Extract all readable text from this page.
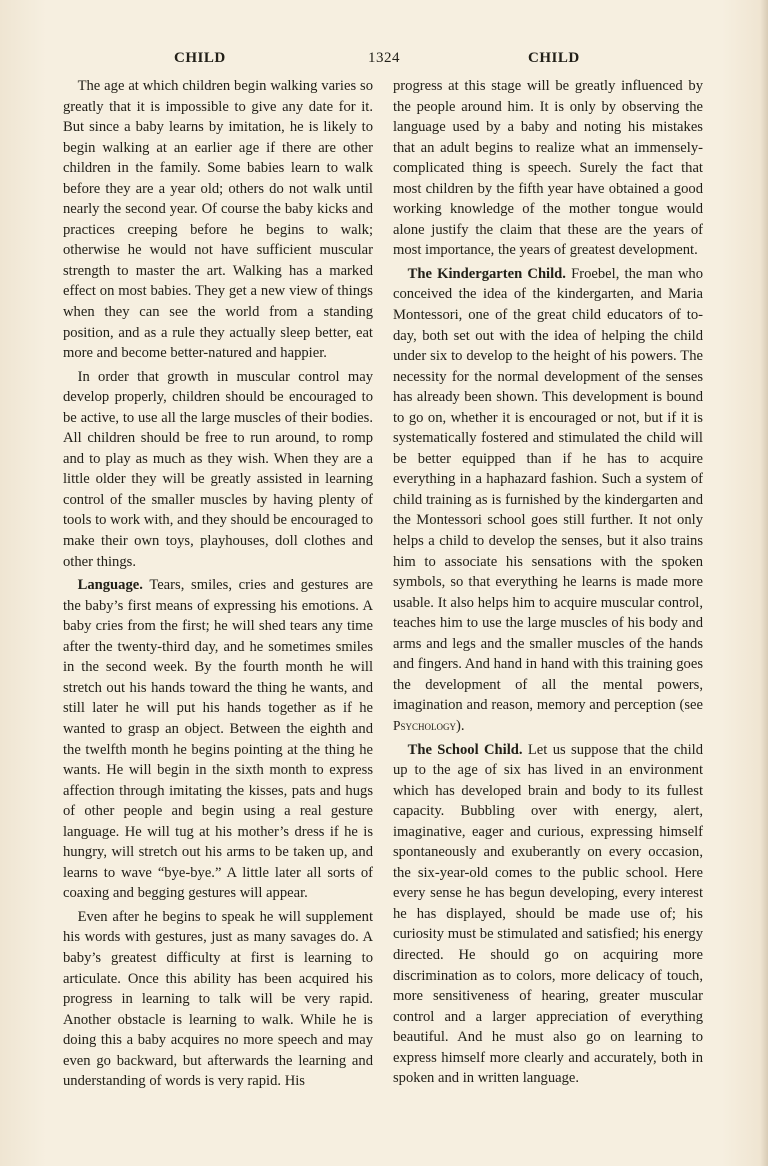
CHILD	1324	CHILD

The age at which children begin walking varies so greatly that it is impossible to give any date for it. But since a baby learns by imitation, he is likely to begin walking at an earlier age if there are other children in the family. Some babies learn to walk before they are a year old; others do not walk until nearly the second year. Of course the baby kicks and practices creeping before he begins to walk; otherwise he would not have sufficient muscular strength to master the art. Walking has a marked effect on most babies. They get a new view of things when they can see the world from a standing position, and as a rule they actually sleep better, eat more and become better-natured and happier.

In order that growth in muscular control may develop properly, children should be encouraged to be active, to use all the large muscles of their bodies. All children should be free to run around, to romp and to play as much as they wish. When they are a little older they will be greatly assisted in learning control of the smaller muscles by having plenty of tools to work with, and they should be encouraged to make their own toys, playhouses, doll clothes and other things.

Language. Tears, smiles, cries and gestures are the baby’s first means of expressing his emotions. A baby cries from the first; he will shed tears any time after the twenty-third day, and he sometimes smiles in the second week. By the fourth month he will stretch out his hands toward the thing he wants, and still later he will put his hands together as if he wanted to grasp an object. Between the eighth and the twelfth month he begins pointing at the thing he wants. He will begin in the sixth month to express affection through imitating the kisses, pats and hugs of other people and begin using a real gesture language. He will tug at his mother’s dress if he is hungry, will stretch out his arms to be taken up, and learns to wave “bye-bye.” A little later all sorts of coaxing and begging gestures will appear.

Even after he begins to speak he will supplement his words with gestures, just as many savages do. A baby’s greatest difficulty at first is learning to articulate. Once this ability has been acquired his progress in learning to talk will be very rapid. Another obstacle is learning to walk. While he is doing this a baby acquires no more speech and may even go backward, but afterwards the learning and understanding of words is very rapid. His

progress at this stage will be greatly influenced by the people around him. It is only by observing the language used by a baby and noting his mistakes that an adult begins to realize what an immensely-complicated thing is speech. Surely the fact that most children by the fifth year have obtained a good working knowledge of the mother tongue would alone justify the claim that these are the years of most importance, the years of greatest development.

The Kindergarten Child. Froebel, the man who conceived the idea of the kindergarten, and Maria Montessori, one of the great child educators of to-day, both set out with the idea of helping the child under six to develop to the height of his powers. The necessity for the normal development of the senses has already been shown. This development is bound to go on, whether it is encouraged or not, but if it is systematically fostered and stimulated the child will be better equipped than if he has to acquire everything in a haphazard fashion. Such a system of child training as is furnished by the kindergarten and the Montessori school goes still further. It not only helps a child to develop the senses, but it also trains him to associate his sensations with the spoken symbols, so that everything he learns is made more usable. It also helps him to acquire muscular control, teaches him to use the large muscles of his body and arms and legs and the smaller muscles of the hands and fingers. And hand in hand with this training goes the development of all the mental powers, imagination and reason, memory and perception (see Psychology).

The School Child. Let us suppose that the child up to the age of six has lived in an environment which has developed brain and body to its fullest capacity. Bubbling over with energy, alert, imaginative, eager and curious, expressing himself spontaneously and exuberantly on every occasion, the six-year-old comes to the public school. Here every sense he has begun developing, every interest he has displayed, should be made use of; his curiosity must be stimulated and satisfied; his energy directed. He should go on acquiring more discrimination as to colors, more delicacy of touch, more sensitiveness of hearing, greater muscular control and a larger appreciation of everything beautiful. And he must also go on learning to express himself more clearly and accurately, both in spoken and in written language.
